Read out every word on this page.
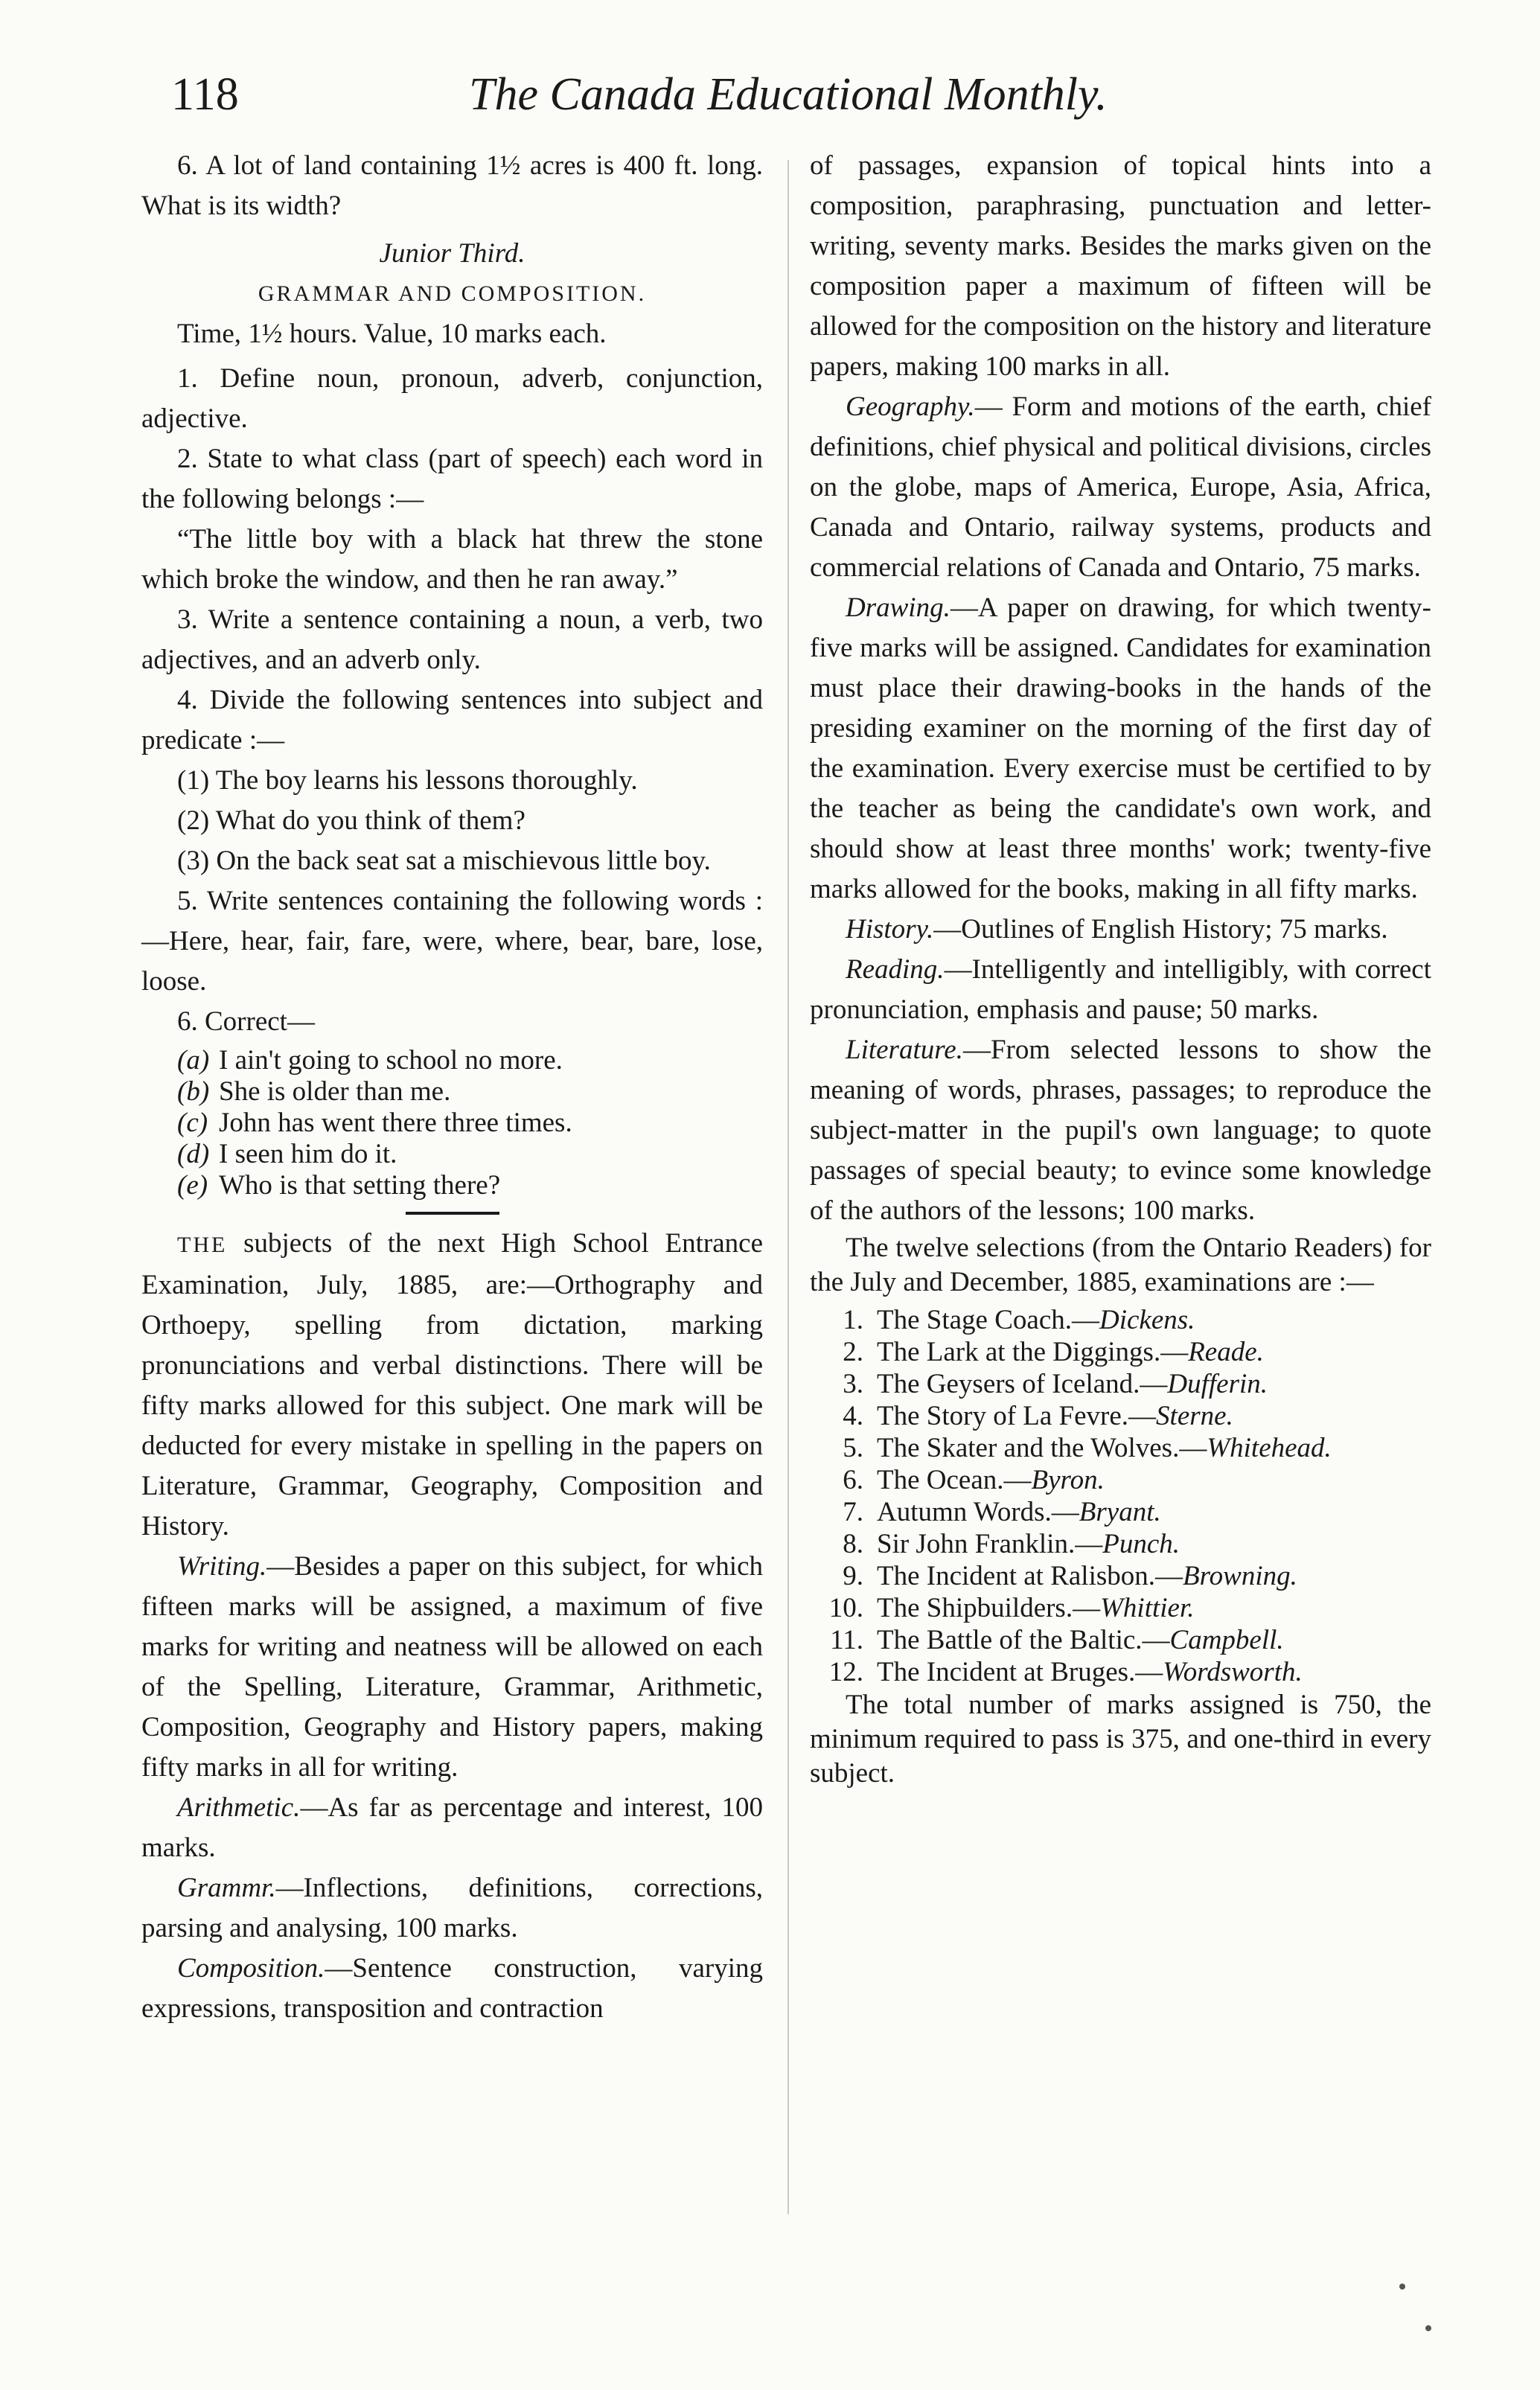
118	The Canada Educational Monthly.

6. A lot of land containing 1½ acres is 400 ft. long. What is its width?

Junior Third.

GRAMMAR AND COMPOSITION.

Time, 1½ hours. Value, 10 marks each.

1. Define noun, pronoun, adverb, conjunction, adjective.

2. State to what class (part of speech) each word in the following belongs :—

“The little boy with a black hat threw the stone which broke the window, and then he ran away.”

3. Write a sentence containing a noun, a verb, two adjectives, and an adverb only.

4. Divide the following sentences into subject and predicate :—

(1) The boy learns his lessons thoroughly.

(2) What do you think of them?

(3) On the back seat sat a mischievous little boy.

5. Write sentences containing the following words :—Here, hear, fair, fare, were, where, bear, bare, lose, loose.

6. Correct—

(a) I ain't going to school no more.
(b) She is older than me.
(c) John has went there three times.
(d) I seen him do it.
(e) Who is that setting there?

THE subjects of the next High School Entrance Examination, July, 1885, are:—Orthography and Orthoepy, spelling from dictation, marking pronunciations and verbal distinctions. There will be fifty marks allowed for this subject. One mark will be deducted for every mistake in spelling in the papers on Literature, Grammar, Geography, Composition and History.

Writing.—Besides a paper on this subject, for which fifteen marks will be assigned, a maximum of five marks for writing and neatness will be allowed on each of the Spelling, Literature, Grammar, Arithmetic, Composition, Geography and History papers, making fifty marks in all for writing.

Arithmetic.—As far as percentage and interest, 100 marks.

Grammr.—Inflections, definitions, corrections, parsing and analysing, 100 marks.

Composition.—Sentence construction, varying expressions, transposition and contraction

of passages, expansion of topical hints into a composition, paraphrasing, punctuation and letter-writing, seventy marks. Besides the marks given on the composition paper a maximum of fifteen will be allowed for the composition on the history and literature papers, making 100 marks in all.

Geography.— Form and motions of the earth, chief definitions, chief physical and political divisions, circles on the globe, maps of America, Europe, Asia, Africa, Canada and Ontario, railway systems, products and commercial relations of Canada and Ontario, 75 marks.

Drawing.—A paper on drawing, for which twenty-five marks will be assigned. Candidates for examination must place their drawing-books in the hands of the presiding examiner on the morning of the first day of the examination. Every exercise must be certified to by the teacher as being the candidate's own work, and should show at least three months' work; twenty-five marks allowed for the books, making in all fifty marks.

History.—Outlines of English History; 75 marks.

Reading.—Intelligently and intelligibly, with correct pronunciation, emphasis and pause; 50 marks.

Literature.—From selected lessons to show the meaning of words, phrases, passages; to reproduce the subject-matter in the pupil's own language; to quote passages of special beauty; to evince some knowledge of the authors of the lessons; 100 marks.

The twelve selections (from the Ontario Readers) for the July and December, 1885, examinations are :—

1. The Stage Coach.—Dickens.
2. The Lark at the Diggings.—Reade.
3. The Geysers of Iceland.—Dufferin.
4. The Story of La Fevre.—Sterne.
5. The Skater and the Wolves.—Whitehead.
6. The Ocean.—Byron.
7. Autumn Words.—Bryant.
8. Sir John Franklin.—Punch.
9. The Incident at Ralisbon.—Browning.
10. The Shipbuilders.—Whittier.
11. The Battle of the Baltic.—Campbell.
12. The Incident at Bruges.—Wordsworth.

The total number of marks assigned is 750, the minimum required to pass is 375, and one-third in every subject.
